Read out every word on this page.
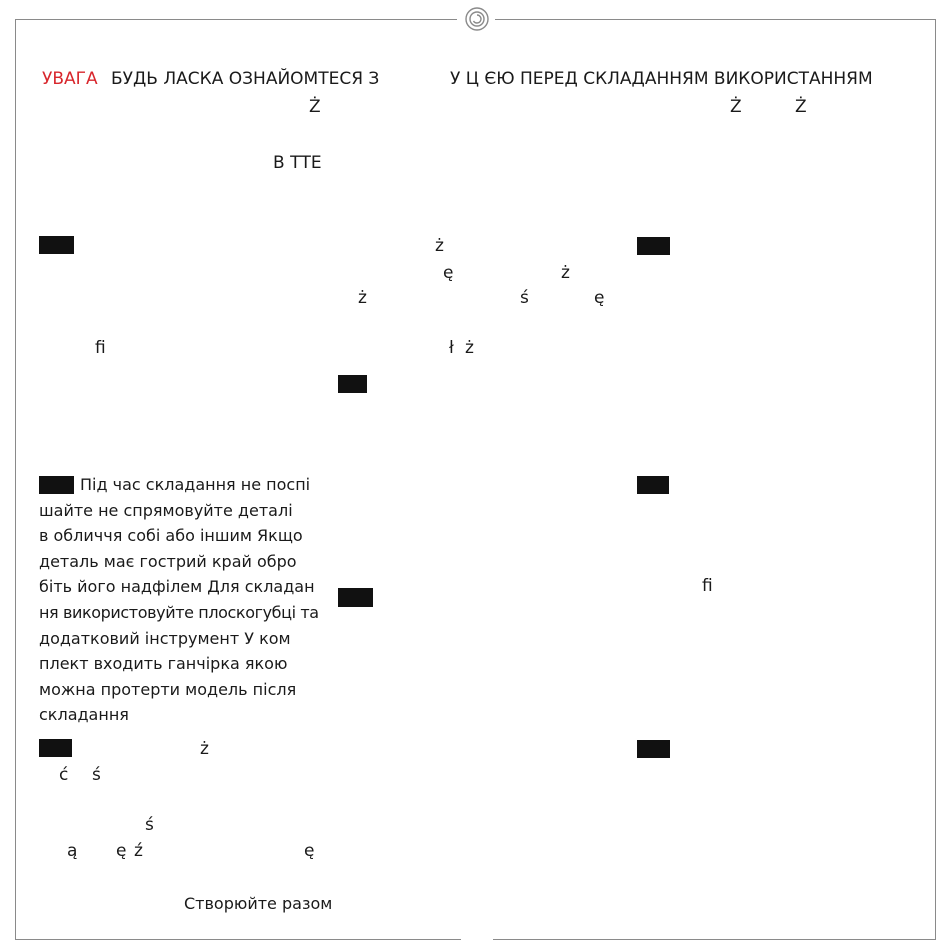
УВАГА БУДЬ ЛАСКА ОЗНАЙОМТЕСЯ З	У Ц ЄЮ ПЕРЕД СКЛАДАННЯМ ВИКОРИСТАННЯМ
Ż	Ż	Ż
В ТТЕ
fi
ż
ę	ż
ż	ś	ę
ł ż
fi
Під час складання не поспі
шайте не спрямовуйте деталі
в обличчя собі або іншим Якщо
деталь має гострий край обро
біть його надфілем Для складан
ня використовуйте плоскогубці та
додатковий інструмент У ком
плект входить ганчірка якою
можна протерти модель після
складання
ż
ć ś
ś
ą ę ź	ę
Створюйте разом
